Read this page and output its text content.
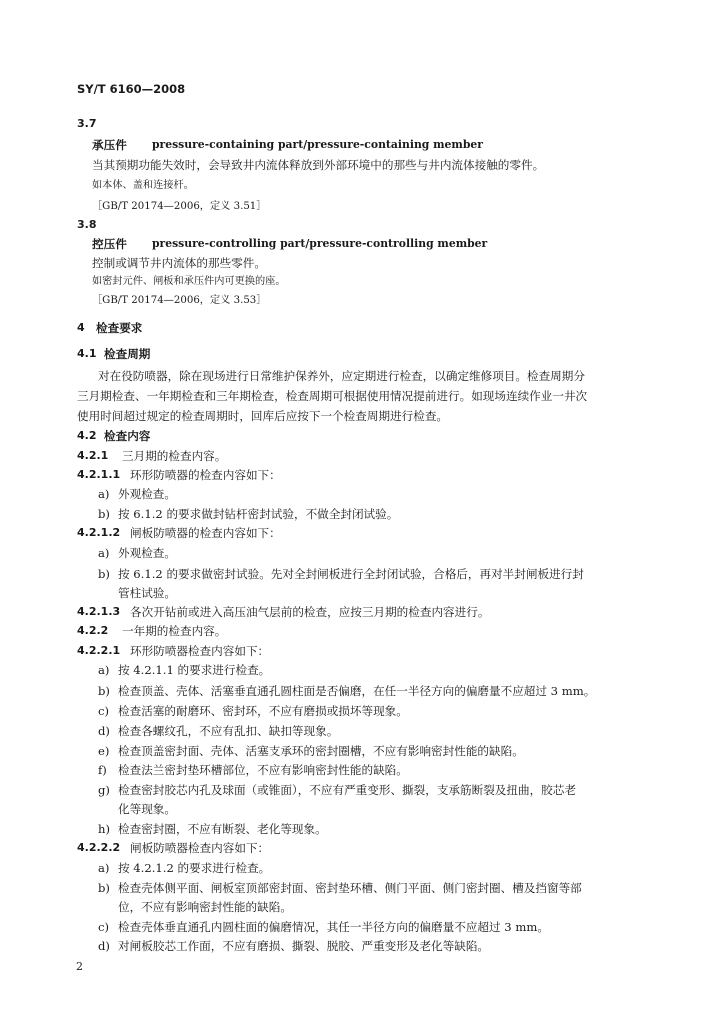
SY/T 6160—2008
3.7
承压件 pressure-containing part/pressure-containing member
当其预期功能失效时，会导致井内流体释放到外部环境中的那些与井内流体接触的零件。
如本体、盖和连接杆。
［GB/T 20174—2006，定义 3.51］
3.8
控压件 pressure-controlling part/pressure-controlling member
控制或调节井内流体的那些零件。
如密封元件、闸板和承压件内可更换的座。
［GB/T 20174—2006，定义 3.53］
4 检查要求
4.1 检查周期
对在役防喷器，除在现场进行日常维护保养外，应定期进行检查，以确定维修项目。检查周期分
三月期检查、一年期检查和三年期检查，检查周期可根据使用情况提前进行。如现场连续作业一井次
使用时间超过规定的检查周期时，回库后应按下一个检查周期进行检查。
4.2 检查内容
4.2.1 三月期的检查内容。
4.2.1.1 环形防喷器的检查内容如下：
a) 外观检查。
b) 按 6.1.2 的要求做封钻杆密封试验，不做全封闭试验。
4.2.1.2 闸板防喷器的检查内容如下：
a) 外观检查。
b) 按 6.1.2 的要求做密封试验。先对全封闸板进行全封闭试验，合格后，再对半封闸板进行封
管柱试验。
4.2.1.3 各次开钻前或进入高压油气层前的检查，应按三月期的检查内容进行。
4.2.2 一年期的检查内容。
4.2.2.1 环形防喷器检查内容如下：
a) 按 4.2.1.1 的要求进行检查。
b) 检查顶盖、壳体、活塞垂直通孔圆柱面是否偏磨，在任一半径方向的偏磨量不应超过 3 mm。
c) 检查活塞的耐磨环、密封环，不应有磨损或损坏等现象。
d) 检查各螺纹孔，不应有乱扣、缺扣等现象。
e) 检查顶盖密封面、壳体、活塞支承环的密封圈槽，不应有影响密封性能的缺陷。
f) 检查法兰密封垫环槽部位，不应有影响密封性能的缺陷。
g) 检查密封胶芯内孔及球面（或锥面），不应有严重变形、撕裂，支承筋断裂及扭曲，胶芯老
化等现象。
h) 检查密封圈，不应有断裂、老化等现象。
4.2.2.2 闸板防喷器检查内容如下：
a) 按 4.2.1.2 的要求进行检查。
b) 检查壳体侧平面、闸板室顶部密封面、密封垫环槽、侧门平面、侧门密封圈、槽及挡窗等部
位，不应有影响密封性能的缺陷。
c) 检查壳体垂直通孔内圆柱面的偏磨情况，其任一半径方向的偏磨量不应超过 3 mm。
d) 对闸板胶芯工作面，不应有磨损、撕裂、脱胶、严重变形及老化等缺陷。
2
